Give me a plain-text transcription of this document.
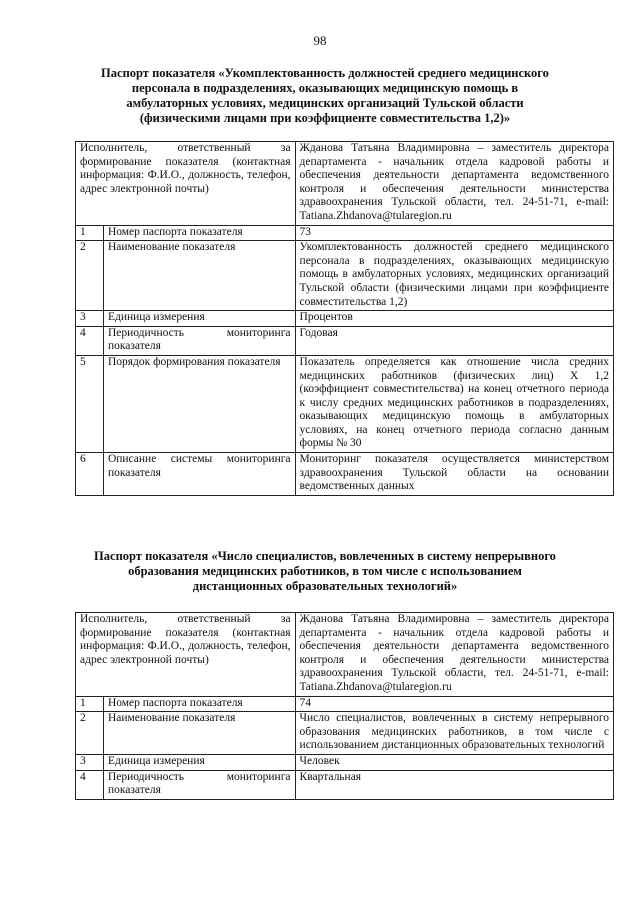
98
Паспорт показателя «Укомплектованность должностей среднего медицинского персонала в подразделениях, оказывающих медицинскую помощь в амбулаторных условиях, медицинских организаций Тульской области (физическими лицами при коэффициенте совместительства 1,2)»
Исполнитель, ответственный за формирование показателя (контактная информация: Ф.И.О., должность, телефон, адрес электронной почты)		Жданова Татьяна Владимировна – заместитель директора департамента - начальник отдела кадровой работы и обеспечения деятельности департамента ведомственного контроля и обеспечения деятельности министерства здравоохранения Тульской области, тел. 24-51-71, e-mail: Tatiana.Zhdanova@tularegion.ru
1	Номер паспорта показателя	73
2	Наименование показателя	Укомплектованность должностей среднего медицинского персонала в подразделениях, оказывающих медицинскую помощь в амбулаторных условиях, медицинских организаций Тульской области (физическими лицами при коэффициенте совместительства 1,2)
3	Единица измерения	Процентов
4	Периодичность мониторинга показателя	Годовая
5	Порядок формирования показателя	Показатель определяется как отношение числа средних медицинских работников (физических лиц) Х 1,2 (коэффициент совместительства) на конец отчетного периода к числу средних медицинских работников в подразделениях, оказывающих медицинскую помощь в амбулаторных условиях, на конец отчетного периода согласно данным формы № 30
6	Описание системы мониторинга показателя	Мониторинг показателя осуществляется министерством здравоохранения Тульской области на основании ведомственных данных
Паспорт показателя «Число специалистов, вовлеченных в систему непрерывного образования медицинских работников, в том числе с использованием дистанционных образовательных технологий»
Исполнитель, ответственный за формирование показателя (контактная информация: Ф.И.О., должность, телефон, адрес электронной почты)		Жданова Татьяна Владимировна – заместитель директора департамента - начальник отдела кадровой работы и обеспечения деятельности департамента ведомственного контроля и обеспечения деятельности министерства здравоохранения Тульской области, тел. 24-51-71, e-mail: Tatiana.Zhdanova@tularegion.ru
1	Номер паспорта показателя	74
2	Наименование показателя	Число специалистов, вовлеченных в систему непрерывного образования медицинских работников, в том числе с использованием дистанционных образовательных технологий
3	Единица измерения	Человек
4	Периодичность мониторинга показателя	Квартальная
